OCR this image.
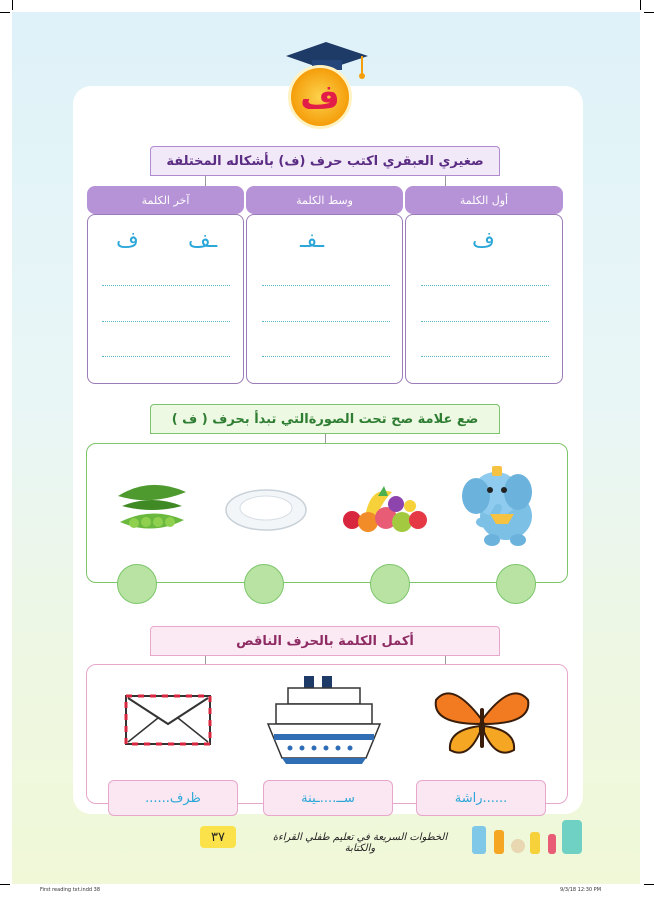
ف
صغيري العبقري اكتب حرف (ف) بأشكاله المختلفة
أول الكلمة
وسط الكلمة
آخر الكلمة
ف
ـفـ
ـف
ف
ضع علامة صح تحت الصورةالتي تبدأ بحرف ( ف )
أكمل الكلمة بالحرف الناقص
......راشة
ســ....ـينة
ظرف......
الخطوات السريعة في تعليم طفلي القراءة والكتابة
٣٧
First reading txt.indd 38	9/3/18 12:30 PM
